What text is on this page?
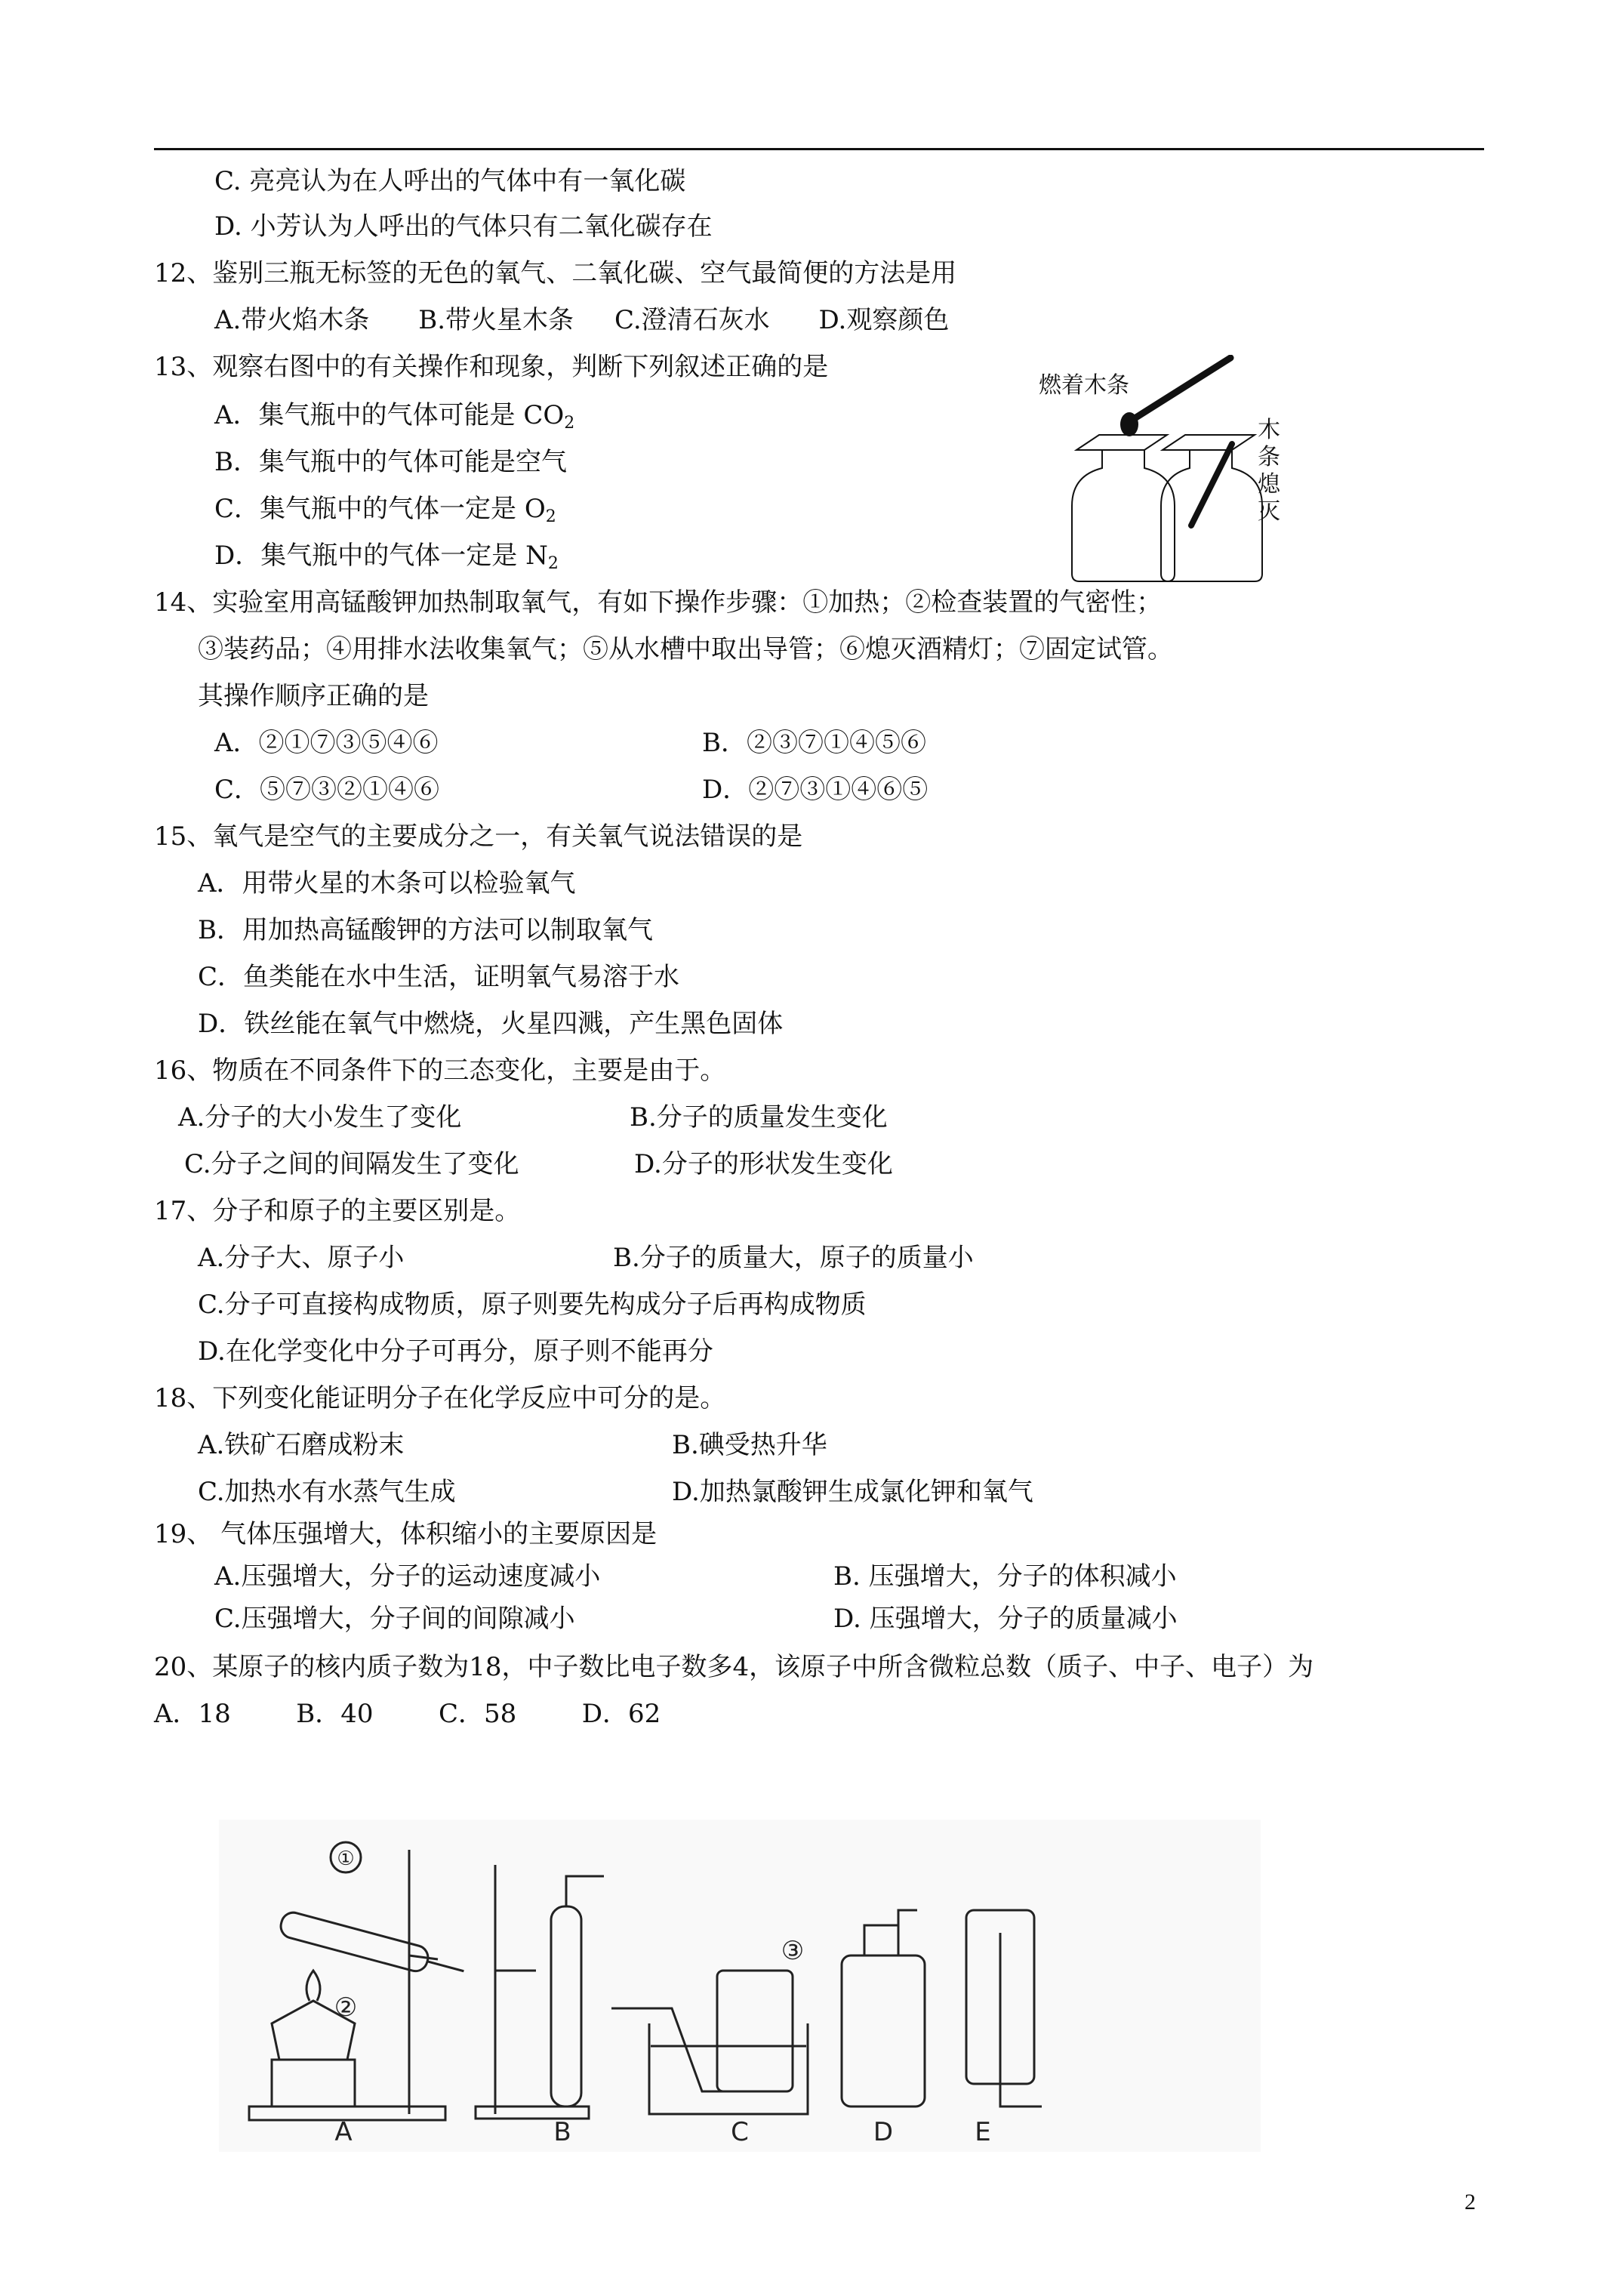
C. 亮亮认为在人呼出的气体中有一氧化碳
D. 小芳认为人呼出的气体只有二氧化碳存在
12、鉴别三瓶无标签的无色的氧气、二氧化碳、空气最简便的方法是用
A.带火焰木条      B.带火星木条     C.澄清石灰水      D.观察颜色
13、观察右图中的有关操作和现象，判断下列叙述正确的是
A．集气瓶中的气体可能是 $CO_2$
B．集气瓶中的气体可能是空气
C．集气瓶中的气体一定是 $O_2$
D．集气瓶中的气体一定是 $N_2$
燃着木条
木
条
熄
灭
14、实验室用高锰酸钾加热制取氧气，有如下操作步骤：①加热；②检查装置的气密性；
③装药品；④用排水法收集氧气；⑤从水槽中取出导管；⑥熄灭酒精灯；⑦固定试管。
其操作顺序正确的是
A．②①⑦③⑤④⑥	B．②③⑦①④⑤⑥
C．⑤⑦③②①④⑥	D．②⑦③①④⑥⑤
15、氧气是空气的主要成分之一，有关氧气说法错误的是
A．用带火星的木条可以检验氧气
B．用加热高锰酸钾的方法可以制取氧气
C．鱼类能在水中生活，证明氧气易溶于水
D．铁丝能在氧气中燃烧，火星四溅，产生黑色固体
16、物质在不同条件下的三态变化，主要是由于。
A.分子的大小发生了变化	B.分子的质量发生变化
C.分子之间的间隔发生了变化	D.分子的形状发生变化
17、分子和原子的主要区别是。
A.分子大、原子小	B.分子的质量大，原子的质量小
C.分子可直接构成物质，原子则要先构成分子后再构成物质
D.在化学变化中分子可再分，原子则不能再分
18、下列变化能证明分子在化学反应中可分的是。
A.铁矿石磨成粉末	B.碘受热升华
C.加热水有水蒸气生成	D.加热氯酸钾生成氯化钾和氧气
19、 气体压强增大，体积缩小的主要原因是
A.压强增大，分子的运动速度减小	B. 压强增大，分子的体积减小
C.压强增大，分子间的间隙减小	D. 压强增大，分子的质量减小
20、某原子的核内质子数为18，中子数比电子数多4，该原子中所含微粒总数（质子、中子、电子）为
A．18        B．40        C．58        D．62
①
②
③
A	B	C	D	E
2
